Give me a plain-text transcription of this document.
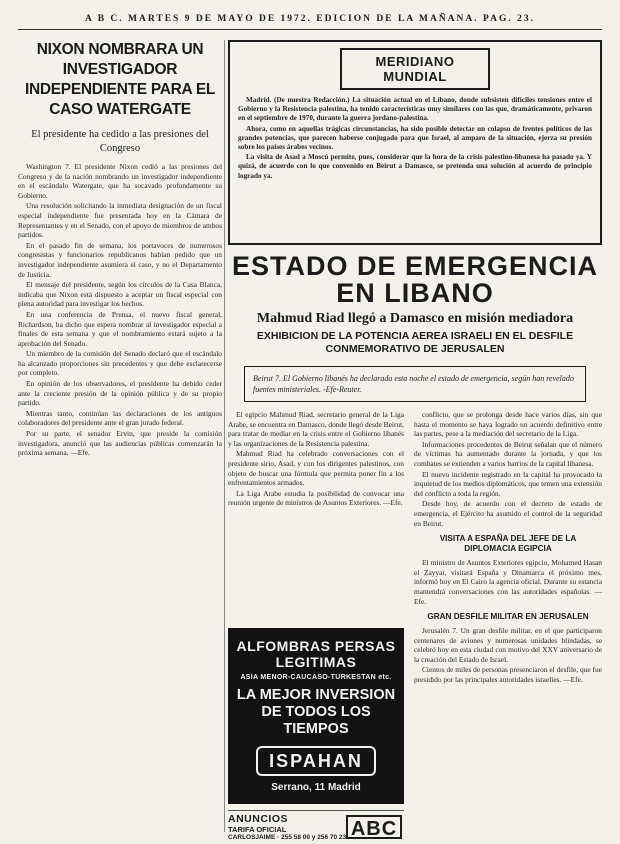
A B C. MARTES 9 DE MAYO DE 1972. EDICION DE LA MAÑANA. PAG. 23.
NIXON NOMBRARA UN INVESTIGADOR INDEPENDIENTE PARA EL CASO WATERGATE
El presidente ha cedido a las presiones del Congreso

Washington 7. El presidente Nixon cedió a las presiones del Congreso y de la nación nombrando un investigador independiente en el escándalo Watergate, que ha socavado profundamente su Gobierno.

Una resolución solicitando la inmediata designación de un fiscal especial independiente fue presentada hoy en la Cámara de Representantes y en el Senado, con el apoyo de miembros de ambos partidos.

En el pasado fin de semana, los portavoces de numerosos congresistas y funcionarios republicanos habían pedido que un investigador independiente asumiera el caso, y no el Departamento de Justicia.

El mensaje del presidente, según los círculos de la Casa Blanca, indicaba que Nixon está dispuesto a aceptar un fiscal especial con plena autoridad para investigar los hechos.

En una conferencia de Prensa, el nuevo fiscal general, Richardson, ha dicho que espera nombrar al investigador especial a finales de esta semana y que el nombramiento estará sujeto a la aprobación del Senado.

Un miembro de la comisión del Senado declaró que el escándalo ha alcanzado proporciones sin precedentes y que debe esclarecerse por completo.

En opinión de los observadores, el presidente ha debido ceder ante la creciente presión de la opinión pública y de su propio partido.

Mientras tanto, continúan las declaraciones de los antiguos colaboradores del presidente ante el gran jurado federal.

Por su parte, el senador Ervin, que preside la comisión investigadora, anunció que las audiencias públicas comenzarán la próxima semana. —Efe.

MERIDIANO MUNDIAL

Madrid. (De nuestra Redacción.) La situación actual en el Líbano, donde subsisten difíciles tensiones entre el Gobierno y la Resistencia palestina, ha tenido características muy similares con las que, dramáticamente, privaron en el septiembre de 1970, durante la guerra jordano-palestina.

Ahora, como en aquellas trágicas circunstancias, ha sido posible detectar un colapso de frentes políticos de las grandes potencias, que parecen haberse conjugado para que Israel, al amparo de la situación, ejerza su presión sobre los países árabes vecinos.

La visita de Asad a Moscú permite, pues, considerar que la hora de la crisis palestino-libanesa ha pasado ya. Y quizá, de acuerdo con lo que convenido en Beirut a Damasco, se pretenda una solución al acuerdo de principio logrado ya.

ESTADO DE EMERGENCIA EN LIBANO
Mahmud Riad llegó a Damasco en misión mediadora
EXHIBICION DE LA POTENCIA AEREA ISRAELI EN EL DESFILE CONMEMORATIVO DE JERUSALEN
Beirut 7. El Gobierno libanés ha declarado esta noche el estado de emergencia, según han revelado fuentes ministeriales. -Efe-Reuter.

El egipcio Mahmud Riad, secretario general de la Liga Arabe, se encuentra en Damasco, donde llegó desde Beirut, para tratar de mediar en la crisis entre el Gobierno libanés y las organizaciones de la Resistencia palestina.

Mahmud Riad ha celebrado conversaciones con el presidente sirio, Asad, y con los dirigentes palestinos, con objeto de buscar una fórmula que permita poner fin a los enfrentamientos armados.

La Liga Arabe estudia la posibilidad de convocar una reunión urgente de ministros de Asuntos Exteriores. —Efe.

ALFOMBRAS PERSAS LEGITIMAS
ASIA MENOR-CAUCASO-TURKESTAN etc.
LA MEJOR INVERSION DE TODOS LOS TIEMPOS
ISPAHAN
Serrano, 11 Madrid
ANUNCIOS
TARIFA OFICIAL
CARLOSJAIME · 255 58 00 y 256 70 23 ABC

conflicto, que se prolonga desde hace varios días, sin que hasta el momento se haya logrado un acuerdo definitivo entre las partes, pese a la mediación del secretario de la Liga.

Informaciones procedentes de Beirut señalan que el número de víctimas ha aumentado durante la jornada, y que los combates se extienden a varios barrios de la capital libanesa.

El nuevo incidente registrado en la capital ha provocado la inquietud de los medios diplomáticos, que temen una extensión del conflicto a toda la región.

Desde hoy, de acuerdo con el decreto de estado de emergencia, el Ejército ha asumido el control de la seguridad en Beirut.

VISITA A ESPAÑA DEL JEFE DE LA DIPLOMACIA EGIPCIA

El ministro de Asuntos Exteriores egipcio, Mohamed Hasan el Zayyat, visitará España y Dinamarca el próximo mes, informó hoy en El Cairo la agencia oficial. Durante su estancia mantendrá conversaciones con las autoridades españolas. —Efe.

GRAN DESFILE MILITAR EN JERUSALEN

Jerusalén 7. Un gran desfile militar, en el que participaron centenares de aviones y numerosas unidades blindadas, se celebró hoy en esta ciudad con motivo del XXV aniversario de la creación del Estado de Israel.

Cientos de miles de personas presenciaron el desfile, que fue presidido por las principales autoridades israelíes. —Efe.
